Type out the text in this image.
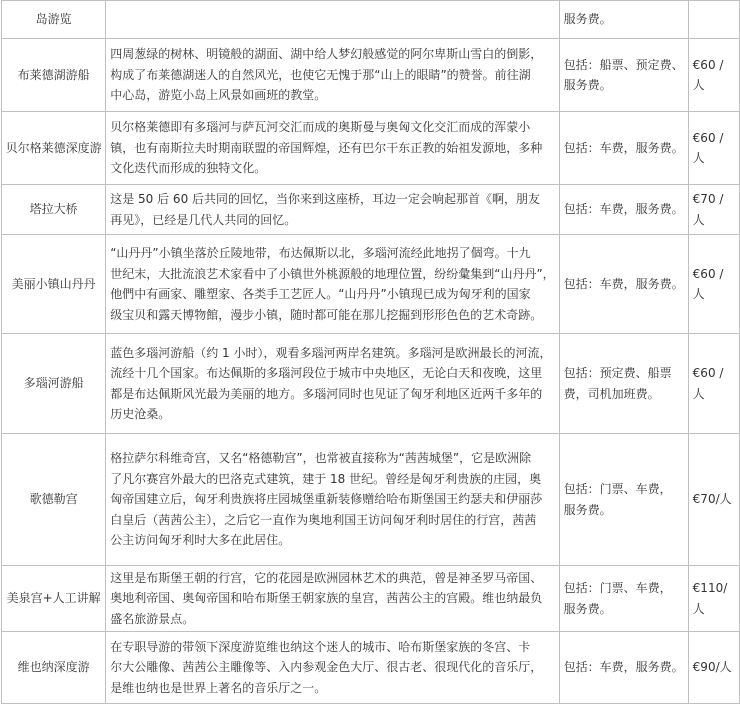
岛游览		服务费。	

布莱德湖游船	四周葱绿的树林、明镜般的湖面、湖中给人梦幻般感觉的阿尔卑斯山雪白的倒影，
构成了布莱德湖迷人的自然风光，也使它无愧于那“山上的眼睛”的赞誉。前往湖
中心岛，游览小岛上风景如画班的教堂。	包括：船票、预定费、
服务费。	€60 /人
贝尔格莱德深度游	贝尔格莱德即有多瑙河与萨瓦河交汇而成的奥斯曼与奥匈文化交汇而成的浑蒙小
镇，也有南斯拉夫时期南联盟的帝国辉煌，还有巴尔干东正教的始祖发源地，多种
文化迭代而形成的独特文化。	包括：车费，服务费。	€60 /人
塔拉大桥	这是 50 后 60 后共同的回忆，当你来到这座桥，耳边一定会响起那首《啊，朋友
再见》，已经是几代人共同的回忆。	包括：车费，服务费。	€70 /人
美丽小镇山丹丹	“山丹丹”小镇坐落於丘陵地带，布达佩斯以北，多瑙河流经此地拐了個弯。十九
世纪末，大批流浪艺术家看中了小镇世外桃源般的地理位置，纷纷彙集到“山丹丹”，
他們中有画家、雕塑家、各类手工艺匠人。“山丹丹”小镇现已成为匈牙利的国家
级宝贝和露天博物館，漫步小镇，随时都可能在那儿挖掘到形形色色的艺术奇跡。	包括：车费，服务费。	€60 /人
多瑙河游船	蓝色多瑙河游船（约 1 小时），观看多瑙河两岸名建筑。多瑙河是欧洲最长的河流，
流经十几个国家。布达佩斯的多瑙河段位于城市中央地区，无论白天和夜晚，这里
都是布达佩斯风光最为美丽的地方。多瑙河同时也见证了匈牙利地区近两千多年的
历史沧桑。	包括：预定费、船票
费，司机加班费。	€60 /人
歌德勒宫	格拉萨尔科维奇宫，又名“格德勒宫”，也常被直接称为“茜茜城堡”，它是欧洲除
了凡尔赛宫外最大的巴洛克式建筑，建于 18 世纪。曾经是匈牙利贵族的庄园，奥
匈帝国建立后，匈牙利贵族将庄园城堡重新装修赠给哈布斯堡国王约瑟夫和伊丽莎
白皇后（茜茜公主），之后它一直作为奥地利国王访问匈牙利时居住的行宫，茜茜
公主访问匈牙利时大多在此居住。	包括：门票、车费，
服务费。	€70/人
美泉宫+人工讲解	这里是布斯堡王朝的行宫，它的花园是欧洲园林艺术的典范，曾是神圣罗马帝国、
奥地利帝国、奥匈帝国和哈布斯堡王朝家族的皇宫，茜茜公主的宫殿。维也纳最负
盛名旅游景点。	包括：门票、车费，
服务费。	€110/人
维也纳深度游	在专职导游的带领下深度游览维也纳这个迷人的城市、哈布斯堡家族的冬宫、卡
尔大公雕像、茜茜公主雕像等、入内参观金色大厅、很古老、很现代化的音乐厅，
是维也纳也是世界上著名的音乐厅之一。	包括：车费，服务费。	€90/人
